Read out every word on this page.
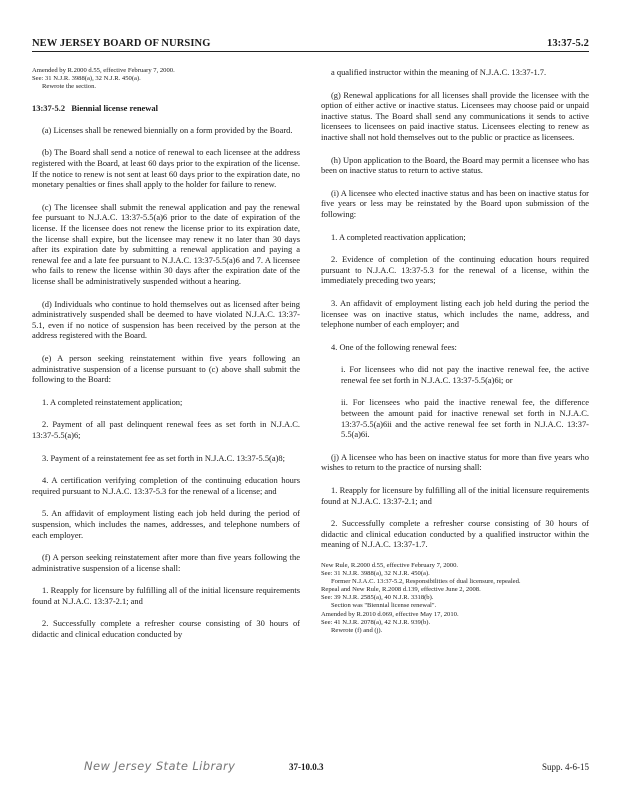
NEW JERSEY BOARD OF NURSING	13:37-5.2
Amended by R.2000 d.55, effective February 7, 2000.
See: 31 N.J.R. 3988(a), 32 N.J.R. 450(a).
Rewrote the section.
13:37-5.2 Biennial license renewal

(a) Licenses shall be renewed biennially on a form provided by the Board.

(b) The Board shall send a notice of renewal to each licensee at the address registered with the Board, at least 60 days prior to the expiration of the license. If the notice to renew is not sent at least 60 days prior to the expiration date, no monetary penalties or fines shall apply to the holder for failure to renew.

(c) The licensee shall submit the renewal application and pay the renewal fee pursuant to N.J.A.C. 13:37-5.5(a)6 prior to the date of expiration of the license. If the licensee does not renew the license prior to its expiration date, the license shall expire, but the licensee may renew it no later than 30 days after its expiration date by submitting a renewal application and paying a renewal fee and a late fee pursuant to N.J.A.C. 13:37-5.5(a)6 and 7. A licensee who fails to renew the license within 30 days after the expiration date of the license shall be administratively suspended without a hearing.

(d) Individuals who continue to hold themselves out as licensed after being administratively suspended shall be deemed to have violated N.J.A.C. 13:37-5.1, even if no notice of suspension has been received by the person at the address registered with the Board.

(e) A person seeking reinstatement within five years following an administrative suspension of a license pursuant to (c) above shall submit the following to the Board:

1. A completed reinstatement application;

2. Payment of all past delinquent renewal fees as set forth in N.J.A.C. 13:37-5.5(a)6;

3. Payment of a reinstatement fee as set forth in N.J.A.C. 13:37-5.5(a)8;

4. A certification verifying completion of the continuing education hours required pursuant to N.J.A.C. 13:37-5.3 for the renewal of a license; and

5. An affidavit of employment listing each job held during the period of suspension, which includes the names, addresses, and telephone numbers of each employer.

(f) A person seeking reinstatement after more than five years following the administrative suspension of a license shall:

1. Reapply for licensure by fulfilling all of the initial licensure requirements found at N.J.A.C. 13:37-2.1; and

2. Successfully complete a refresher course consisting of 30 hours of didactic and clinical education conducted by

a qualified instructor within the meaning of N.J.A.C. 13:37-1.7.

(g) Renewal applications for all licenses shall provide the licensee with the option of either active or inactive status. Licensees may choose paid or unpaid inactive status. The Board shall send any communications it sends to active licensees to licensees on paid inactive status. Licensees electing to renew as inactive shall not hold themselves out to the public or practice as licensees.

(h) Upon application to the Board, the Board may permit a licensee who has been on inactive status to return to active status.

(i) A licensee who elected inactive status and has been on inactive status for five years or less may be reinstated by the Board upon submission of the following:

1. A completed reactivation application;

2. Evidence of completion of the continuing education hours required pursuant to N.J.A.C. 13:37-5.3 for the renewal of a license, within the immediately preceding two years;

3. An affidavit of employment listing each job held during the period the licensee was on inactive status, which includes the name, address, and telephone number of each employer; and

4. One of the following renewal fees:

i. For licensees who did not pay the inactive renewal fee, the active renewal fee set forth in N.J.A.C. 13:37-5.5(a)6i; or

ii. For licensees who paid the inactive renewal fee, the difference between the amount paid for inactive renewal set forth in N.J.A.C. 13:37-5.5(a)6ii and the active renewal fee set forth in N.J.A.C. 13:37-5.5(a)6i.

(j) A licensee who has been on inactive status for more than five years who wishes to return to the practice of nursing shall:

1. Reapply for licensure by fulfilling all of the initial licensure requirements found at N.J.A.C. 13:37-2.1; and

2. Successfully complete a refresher course consisting of 30 hours of didactic and clinical education conducted by a qualified instructor within the meaning of N.J.A.C. 13:37-1.7.

New Rule, R.2000 d.55, effective February 7, 2000.
See: 31 N.J.R. 3988(a), 32 N.J.R. 450(a).
Former N.J.A.C. 13:37-5.2, Responsibilities of dual licensure, repealed.
Repeal and New Rule, R.2008 d.139, effective June 2, 2008.
See: 39 N.J.R. 2585(a), 40 N.J.R. 3318(b).
Section was "Biennial license renewal".
Amended by R.2010 d.069, effective May 17, 2010.
See: 41 N.J.R. 2078(a), 42 N.J.R. 939(b).
Rewrote (f) and (j).
New Jersey State Library	37-10.0.3	Supp. 4-6-15
